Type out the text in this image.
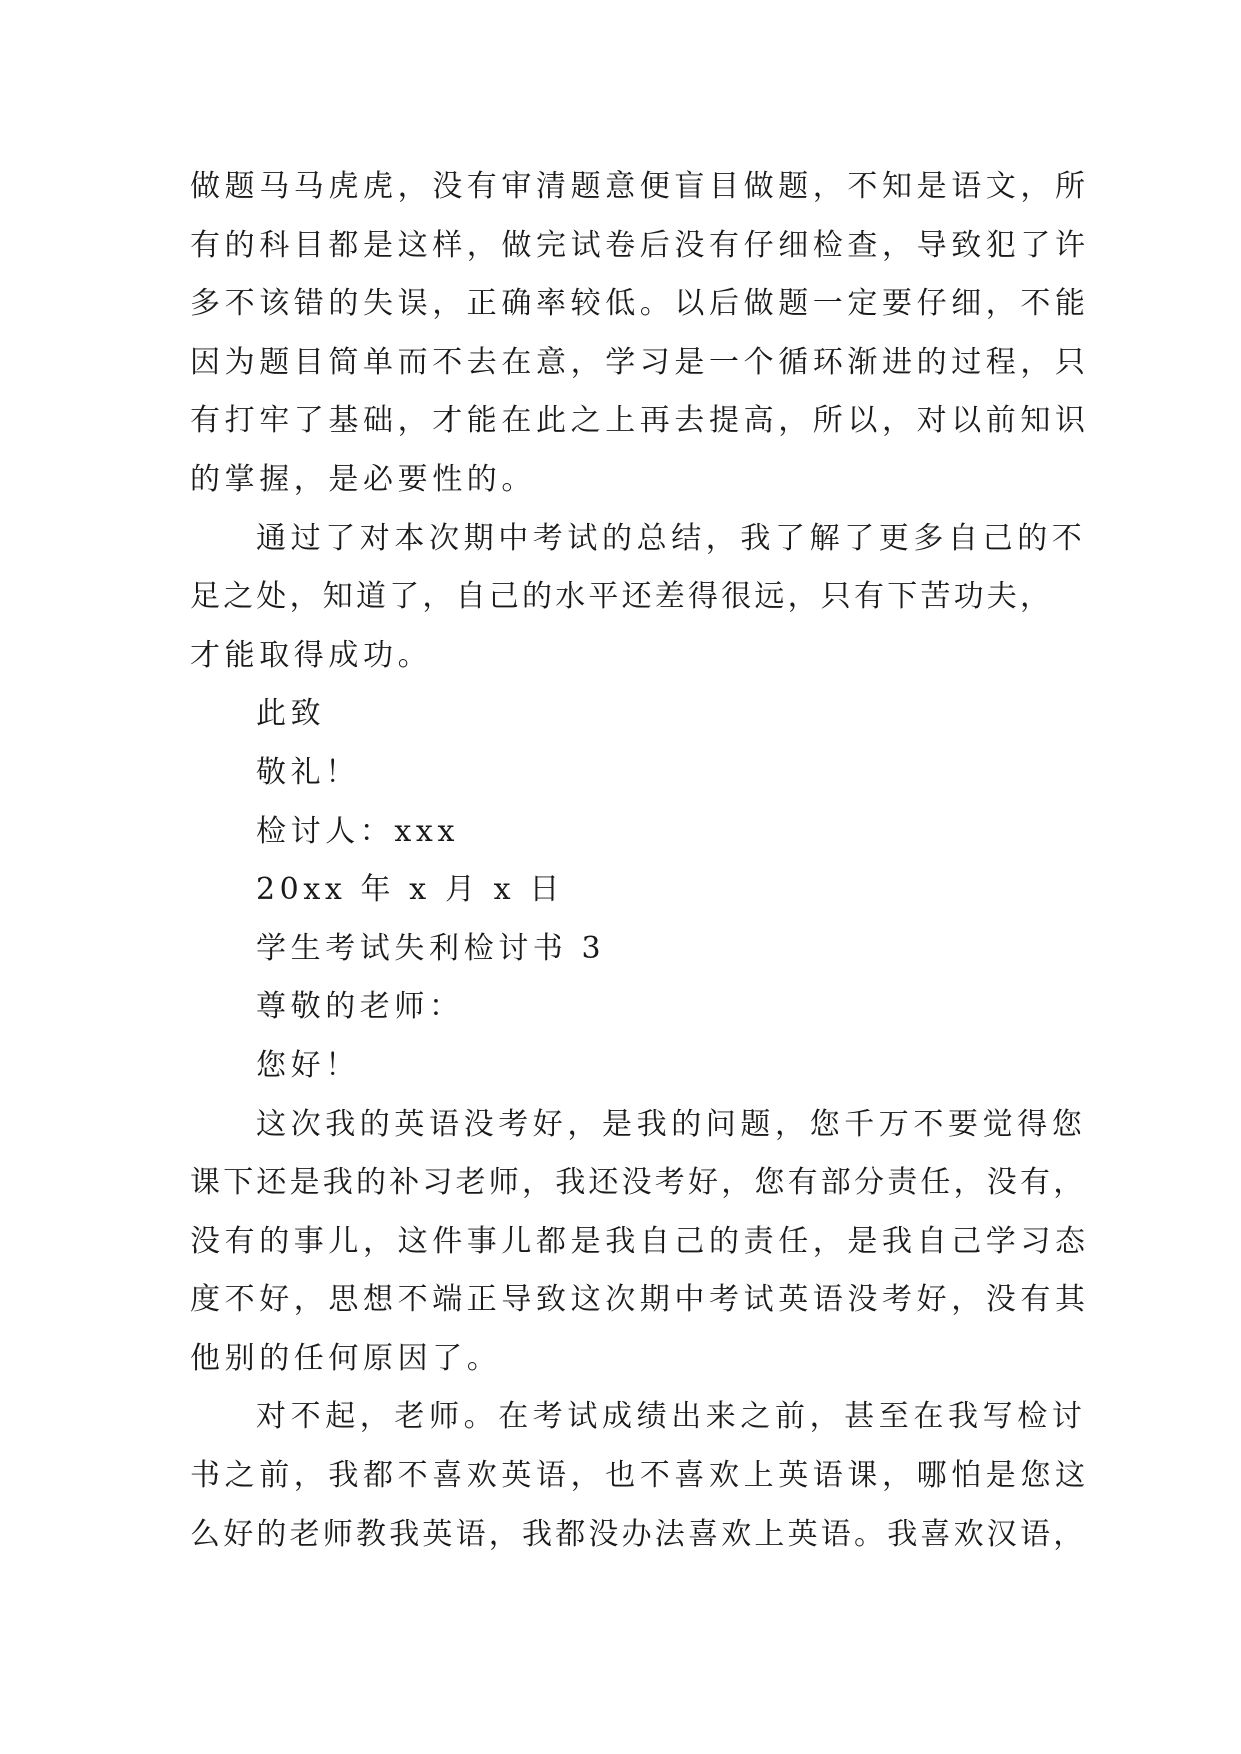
做题马马虎虎，没有审清题意便盲目做题，不知是语文，所
有的科目都是这样，做完试卷后没有仔细检查，导致犯了许
多不该错的失误，正确率较低。以后做题一定要仔细，不能
因为题目简单而不去在意，学习是一个循环渐进的过程，只
有打牢了基础，才能在此之上再去提高，所以，对以前知识
的掌握，是必要性的。
通过了对本次期中考试的总结，我了解了更多自己的不
足之处，知道了，自己的水平还差得很远，只有下苦功夫，
才能取得成功。
此致
敬礼！
检讨人：xxx
20xx 年 x 月 x 日
学生考试失利检讨书 3
尊敬的老师：
您好！
这次我的英语没考好，是我的问题，您千万不要觉得您
课下还是我的补习老师，我还没考好，您有部分责任，没有，
没有的事儿，这件事儿都是我自己的责任，是我自己学习态
度不好，思想不端正导致这次期中考试英语没考好，没有其
他别的任何原因了。
对不起，老师。在考试成绩出来之前，甚至在我写检讨
书之前，我都不喜欢英语，也不喜欢上英语课，哪怕是您这
么好的老师教我英语，我都没办法喜欢上英语。我喜欢汉语，
